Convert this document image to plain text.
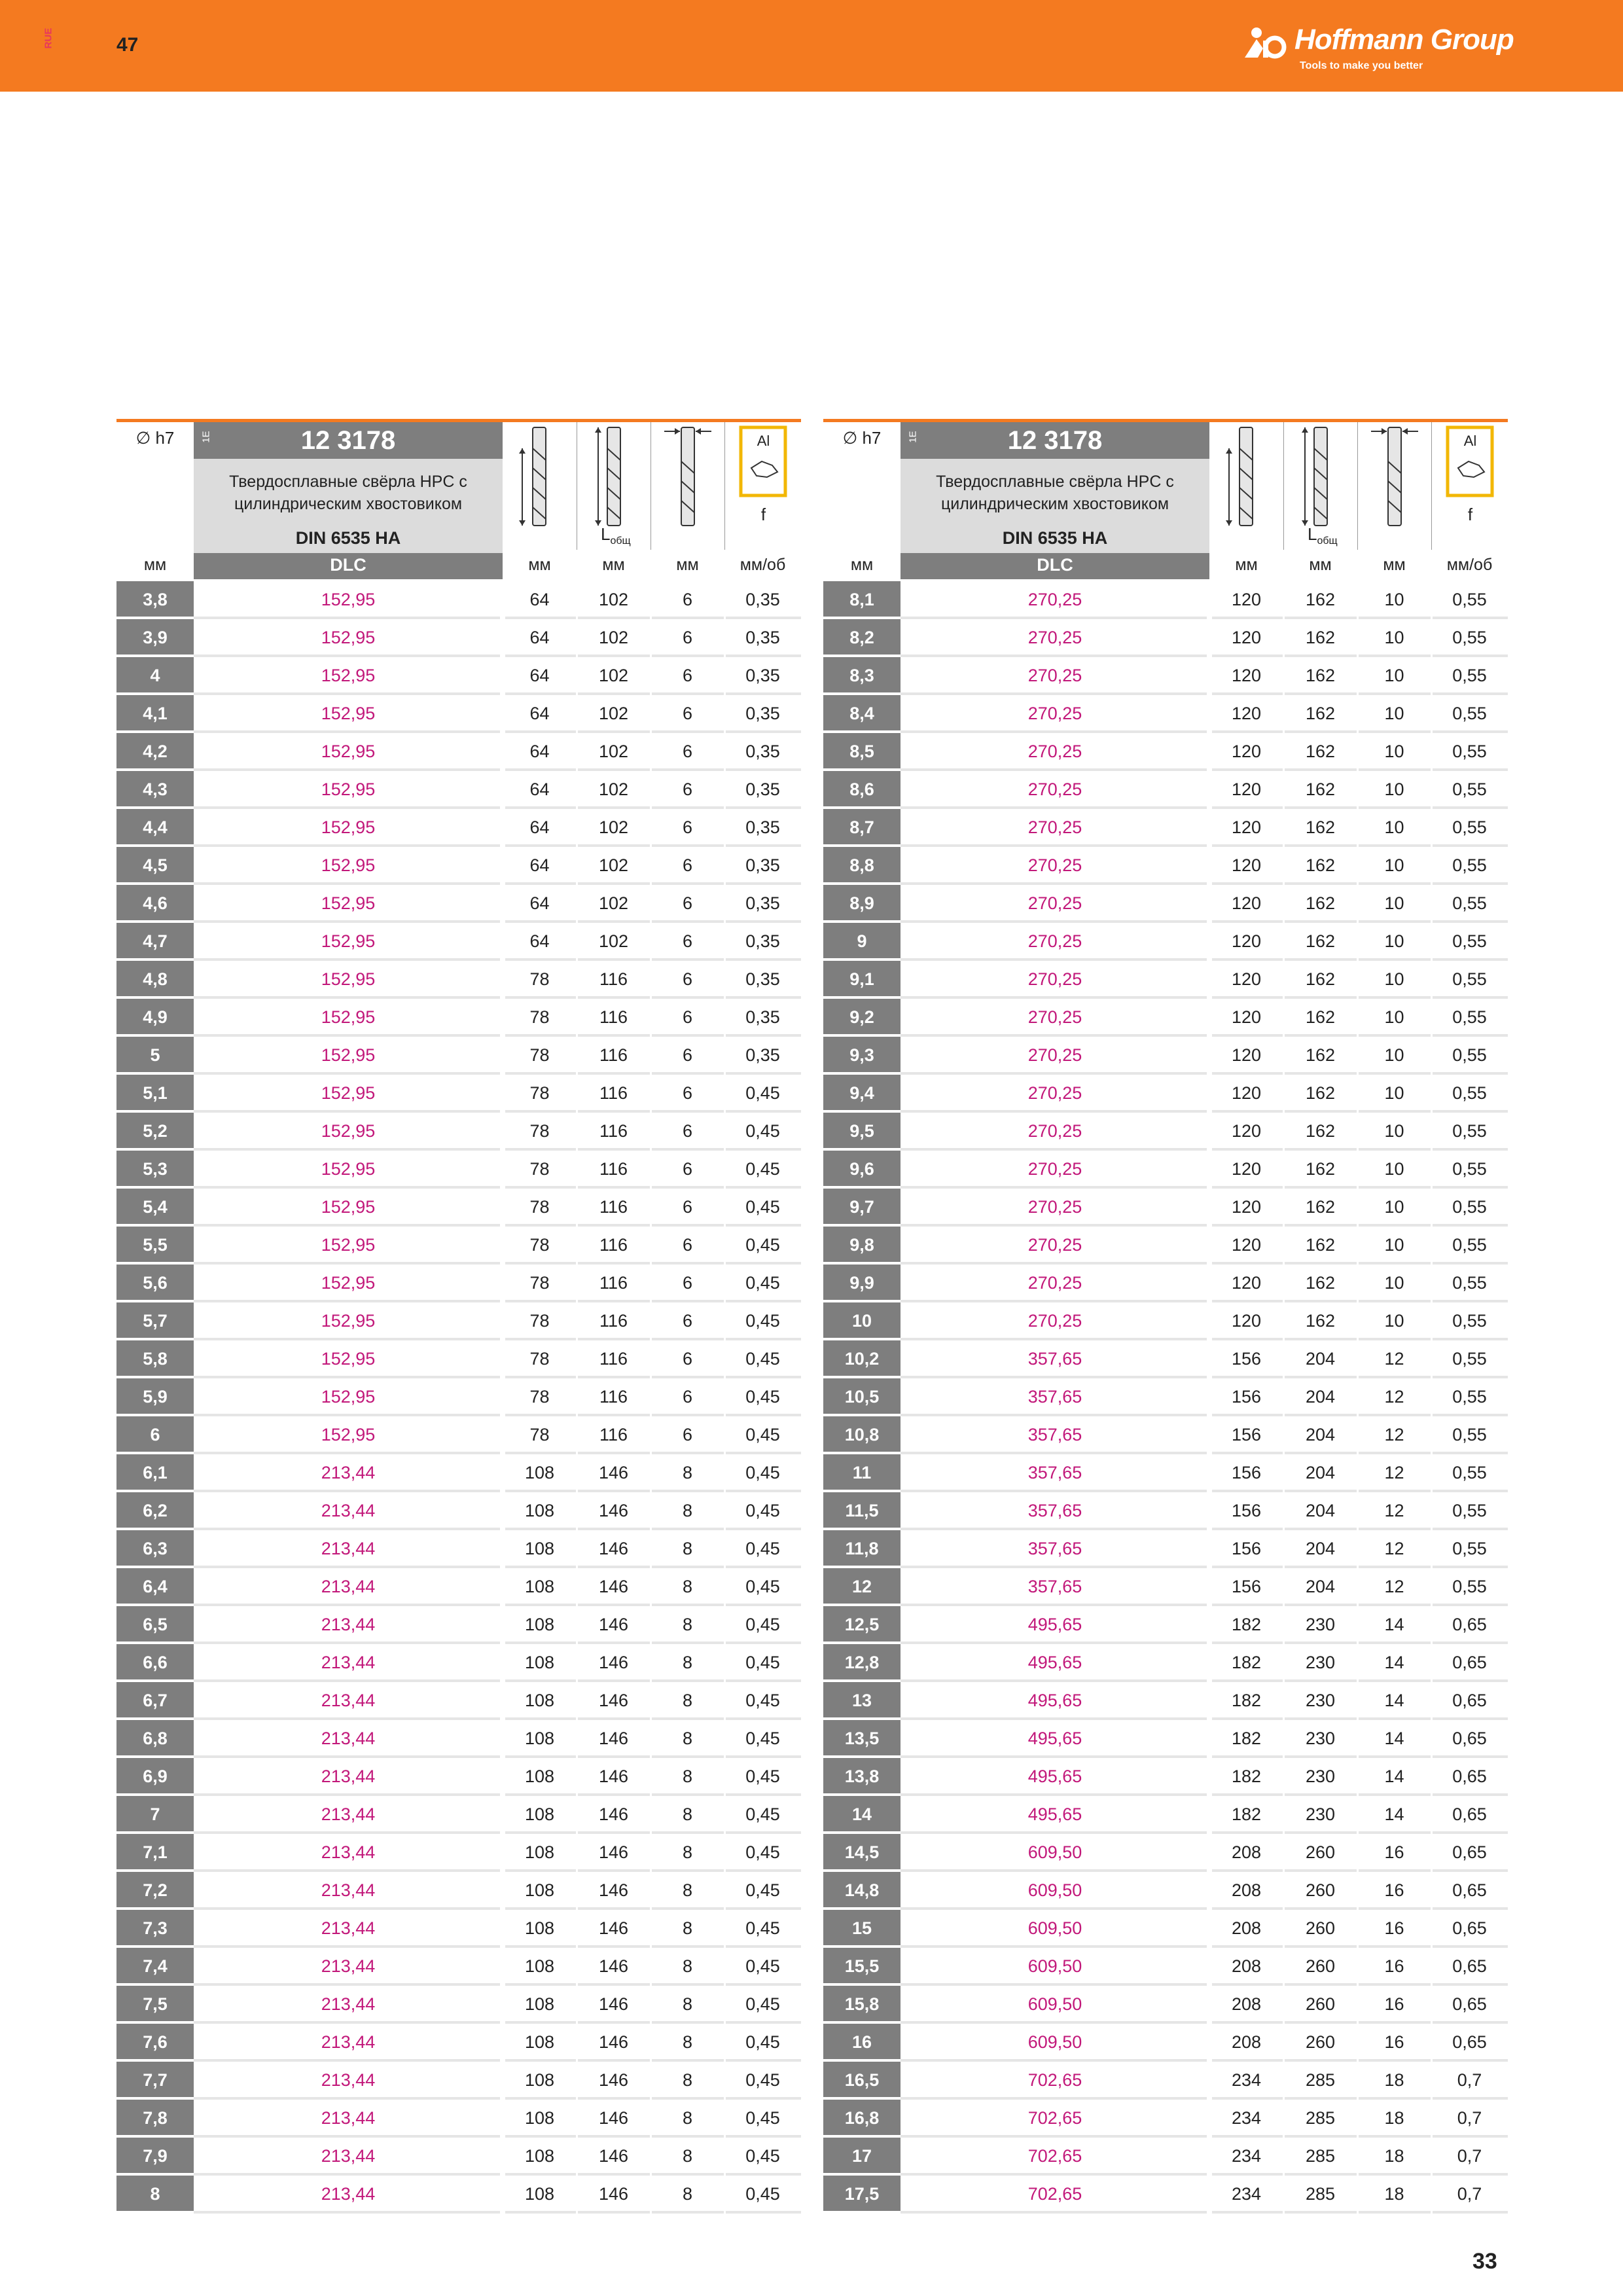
RUE	47	Hoffmann Group
Tools to make you better
∅ h7	1E	12 3178
Твердосплавные свёрла HPC с
цилиндрическим хвостовиком
DIN 6535 HA
DLC
$L_{общ}$
Al
f
мм	мм	мм	мм	мм/об
3,8	152,95	64	102	6	0,35
3,9	152,95	64	102	6	0,35
4	152,95	64	102	6	0,35
4,1	152,95	64	102	6	0,35
4,2	152,95	64	102	6	0,35
4,3	152,95	64	102	6	0,35
4,4	152,95	64	102	6	0,35
4,5	152,95	64	102	6	0,35
4,6	152,95	64	102	6	0,35
4,7	152,95	64	102	6	0,35
4,8	152,95	78	116	6	0,35
4,9	152,95	78	116	6	0,35
5	152,95	78	116	6	0,35
5,1	152,95	78	116	6	0,45
5,2	152,95	78	116	6	0,45
5,3	152,95	78	116	6	0,45
5,4	152,95	78	116	6	0,45
5,5	152,95	78	116	6	0,45
5,6	152,95	78	116	6	0,45
5,7	152,95	78	116	6	0,45
5,8	152,95	78	116	6	0,45
5,9	152,95	78	116	6	0,45
6	152,95	78	116	6	0,45
6,1	213,44	108	146	8	0,45
6,2	213,44	108	146	8	0,45
6,3	213,44	108	146	8	0,45
6,4	213,44	108	146	8	0,45
6,5	213,44	108	146	8	0,45
6,6	213,44	108	146	8	0,45
6,7	213,44	108	146	8	0,45
6,8	213,44	108	146	8	0,45
6,9	213,44	108	146	8	0,45
7	213,44	108	146	8	0,45
7,1	213,44	108	146	8	0,45
7,2	213,44	108	146	8	0,45
7,3	213,44	108	146	8	0,45
7,4	213,44	108	146	8	0,45
7,5	213,44	108	146	8	0,45
7,6	213,44	108	146	8	0,45
7,7	213,44	108	146	8	0,45
7,8	213,44	108	146	8	0,45
7,9	213,44	108	146	8	0,45
8	213,44	108	146	8	0,45
∅ h7	1E	12 3178
Твердосплавные свёрла HPC с
цилиндрическим хвостовиком
DIN 6535 HA
DLC
$L_{общ}$
Al
f
мм	мм	мм	мм	мм/об
8,1	270,25	120	162	10	0,55
8,2	270,25	120	162	10	0,55
8,3	270,25	120	162	10	0,55
8,4	270,25	120	162	10	0,55
8,5	270,25	120	162	10	0,55
8,6	270,25	120	162	10	0,55
8,7	270,25	120	162	10	0,55
8,8	270,25	120	162	10	0,55
8,9	270,25	120	162	10	0,55
9	270,25	120	162	10	0,55
9,1	270,25	120	162	10	0,55
9,2	270,25	120	162	10	0,55
9,3	270,25	120	162	10	0,55
9,4	270,25	120	162	10	0,55
9,5	270,25	120	162	10	0,55
9,6	270,25	120	162	10	0,55
9,7	270,25	120	162	10	0,55
9,8	270,25	120	162	10	0,55
9,9	270,25	120	162	10	0,55
10	270,25	120	162	10	0,55
10,2	357,65	156	204	12	0,55
10,5	357,65	156	204	12	0,55
10,8	357,65	156	204	12	0,55
11	357,65	156	204	12	0,55
11,5	357,65	156	204	12	0,55
11,8	357,65	156	204	12	0,55
12	357,65	156	204	12	0,55
12,5	495,65	182	230	14	0,65
12,8	495,65	182	230	14	0,65
13	495,65	182	230	14	0,65
13,5	495,65	182	230	14	0,65
13,8	495,65	182	230	14	0,65
14	495,65	182	230	14	0,65
14,5	609,50	208	260	16	0,65
14,8	609,50	208	260	16	0,65
15	609,50	208	260	16	0,65
15,5	609,50	208	260	16	0,65
15,8	609,50	208	260	16	0,65
16	609,50	208	260	16	0,65
16,5	702,65	234	285	18	0,7
16,8	702,65	234	285	18	0,7
17	702,65	234	285	18	0,7
17,5	702,65	234	285	18	0,7
33
